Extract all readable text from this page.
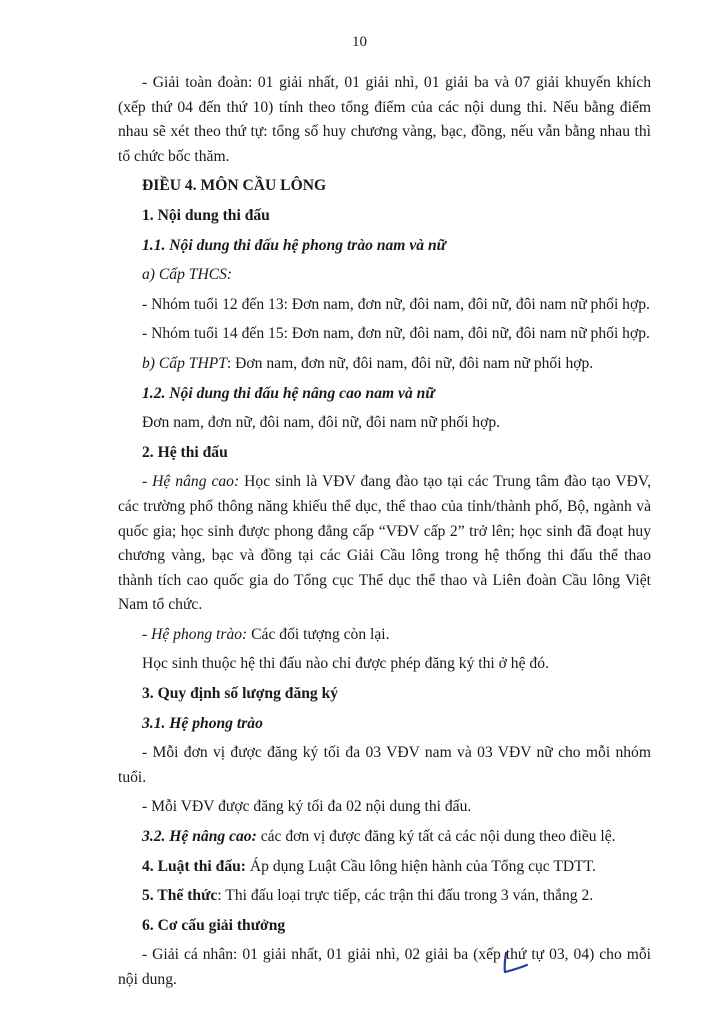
10

- Giải toàn đoàn: 01 giải nhất, 01 giải nhì, 01 giải ba và 07 giải khuyến khích (xếp thứ 04 đến thứ 10) tính theo tổng điểm của các nội dung thi. Nếu bằng điểm nhau sẽ xét theo thứ tự: tổng số huy chương vàng, bạc, đồng, nếu vẫn bằng nhau thì tổ chức bốc thăm.

ĐIỀU 4. MÔN CẦU LÔNG

1. Nội dung thi đấu

1.1. Nội dung thi đấu hệ phong trào nam và nữ

a) Cấp THCS:

- Nhóm tuổi 12 đến 13: Đơn nam, đơn nữ, đôi nam, đôi nữ, đôi nam nữ phối hợp.

- Nhóm tuổi 14 đến 15: Đơn nam, đơn nữ, đôi nam, đôi nữ, đôi nam nữ phối hợp.

b) Cấp THPT: Đơn nam, đơn nữ, đôi nam, đôi nữ, đôi nam nữ phối hợp.

1.2. Nội dung thi đấu hệ nâng cao nam và nữ

Đơn nam, đơn nữ, đôi nam, đôi nữ, đôi nam nữ phối hợp.

2. Hệ thi đấu

- Hệ nâng cao: Học sinh là VĐV đang đào tạo tại các Trung tâm đào tạo VĐV, các trường phổ thông năng khiếu thể dục, thể thao của tỉnh/thành phố, Bộ, ngành và quốc gia; học sinh được phong đẳng cấp “VĐV cấp 2” trở lên; học sinh đã đoạt huy chương vàng, bạc và đồng tại các Giải Cầu lông trong hệ thống thi đấu thể thao thành tích cao quốc gia do Tổng cục Thể dục thể thao và Liên đoàn Cầu lông Việt Nam tổ chức.

- Hệ phong trào: Các đối tượng còn lại.

Học sinh thuộc hệ thi đấu nào chỉ được phép đăng ký thi ở hệ đó.

3. Quy định số lượng đăng ký

3.1. Hệ phong trào

- Mỗi đơn vị được đăng ký tối đa 03 VĐV nam và 03 VĐV nữ cho mỗi nhóm tuổi.

- Mỗi VĐV được đăng ký tối đa 02 nội dung thi đấu.

3.2. Hệ nâng cao: các đơn vị được đăng ký tất cả các nội dung theo điều lệ.

4. Luật thi đấu: Áp dụng Luật Cầu lông hiện hành của Tổng cục TDTT.

5. Thể thức: Thi đấu loại trực tiếp, các trận thi đấu trong 3 ván, thắng 2.

6. Cơ cấu giải thưởng

- Giải cá nhân: 01 giải nhất, 01 giải nhì, 02 giải ba (xếp thứ tự 03, 04) cho mỗi nội dung.
